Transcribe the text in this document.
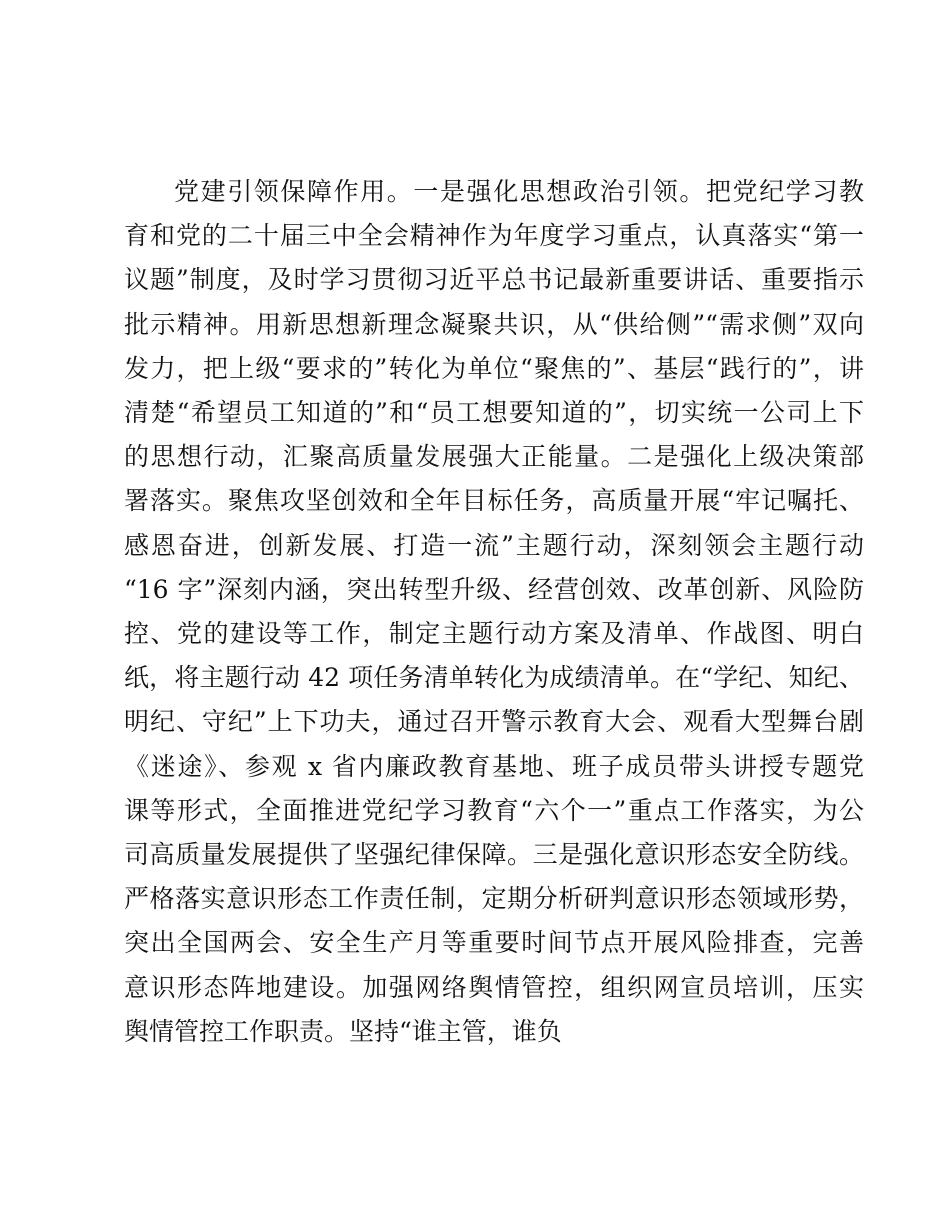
党建引领保障作用。一是强化思想政治引领。把党纪学习教
育和党的二十届三中全会精神作为年度学习重点，认真落实“第一
议题”制度，及时学习贯彻习近平总书记最新重要讲话、重要指示
批示精神。用新思想新理念凝聚共识，从“供给侧”“需求侧”双向
发力，把上级“要求的”转化为单位“聚焦的”、基层“践行的”，讲
清楚“希望员工知道的”和“员工想要知道的”，切实统一公司上下
的思想行动，汇聚高质量发展强大正能量。二是强化上级决策部
署落实。聚焦攻坚创效和全年目标任务，高质量开展“牢记嘱托、
感恩奋进，创新发展、打造一流”主题行动，深刻领会主题行动
“16 字”深刻内涵，突出转型升级、经营创效、改革创新、风险防
控、党的建设等工作，制定主题行动方案及清单、作战图、明白
纸，将主题行动 42 项任务清单转化为成绩清单。在“学纪、知纪、
明纪、守纪”上下功夫，通过召开警示教育大会、观看大型舞台剧
《迷途》、参观 x 省内廉政教育基地、班子成员带头讲授专题党
课等形式，全面推进党纪学习教育“六个一”重点工作落实，为公
司高质量发展提供了坚强纪律保障。三是强化意识形态安全防线。
严格落实意识形态工作责任制，定期分析研判意识形态领域形势，
突出全国两会、安全生产月等重要时间节点开展风险排查，完善
意识形态阵地建设。加强网络舆情管控，组织网宣员培训，压实
舆情管控工作职责。坚持“谁主管，谁负
